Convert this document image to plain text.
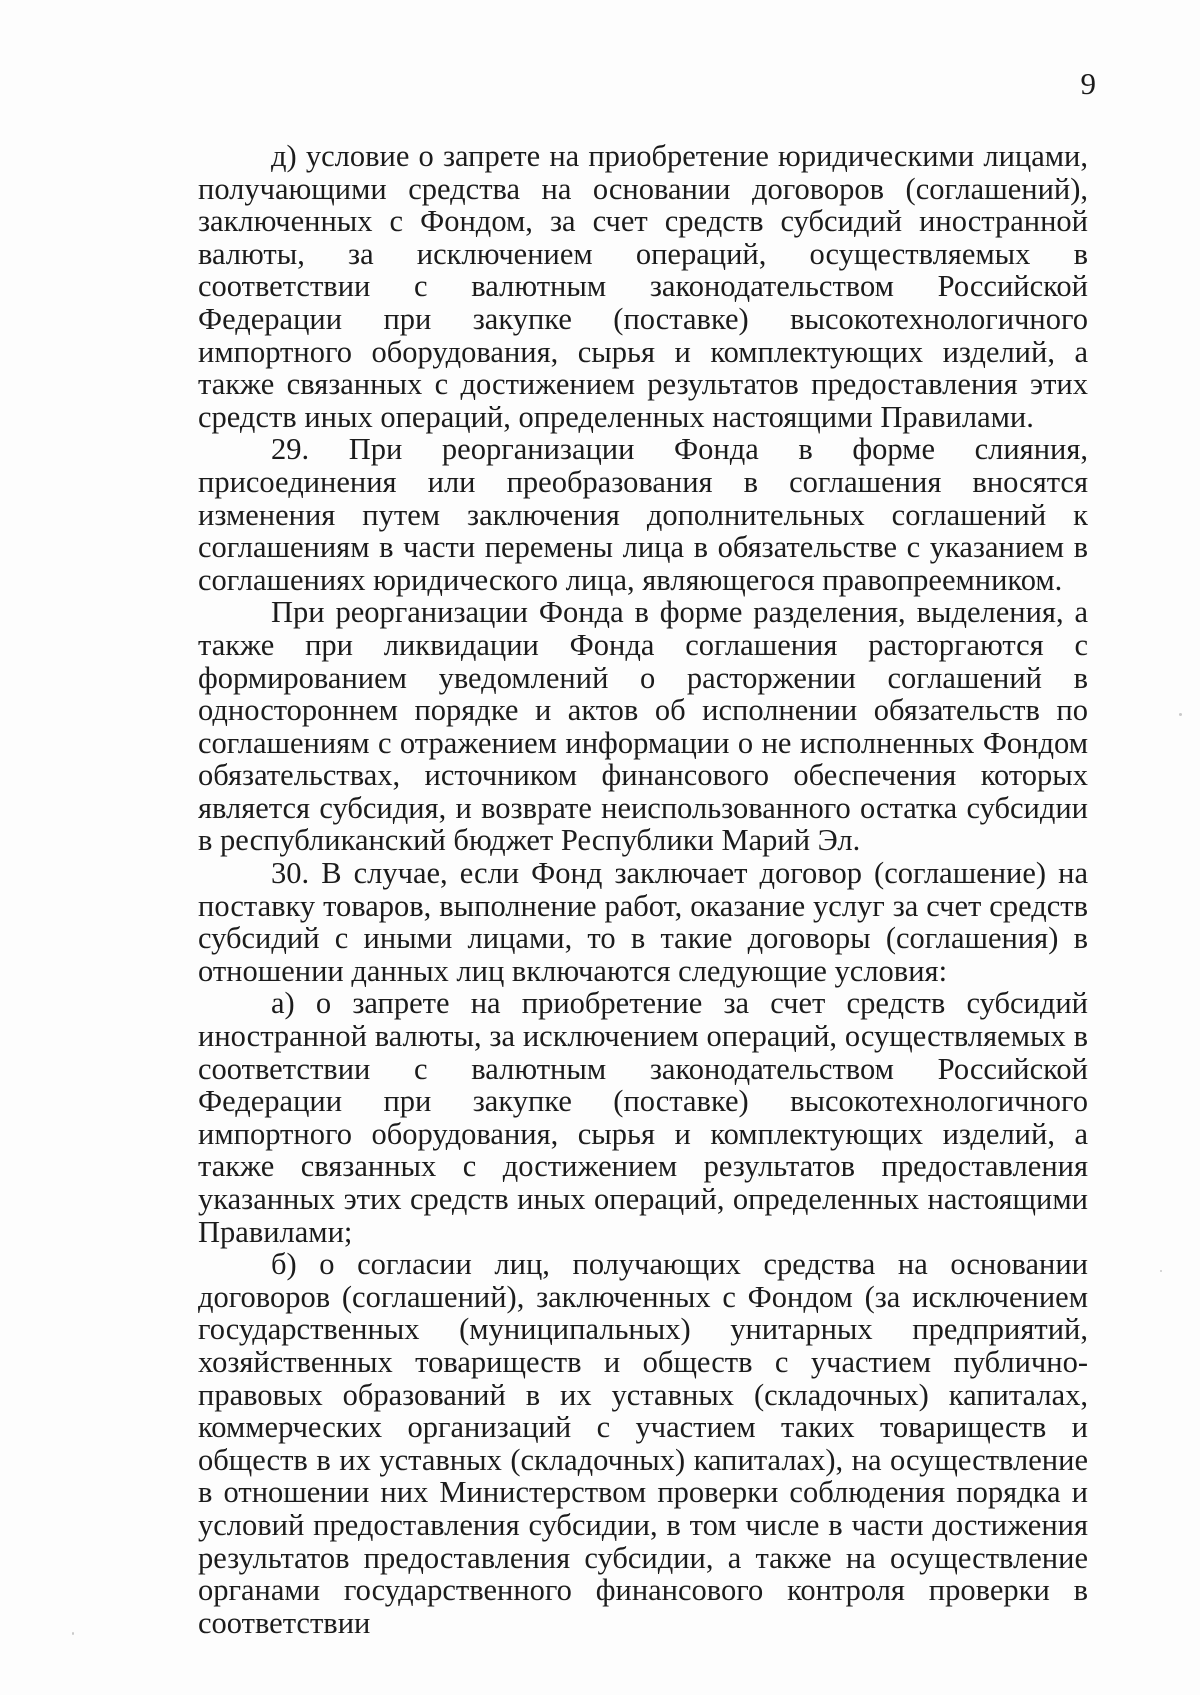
9

д) условие о запрете на приобретение юридическими лицами, получающими средства на основании договоров (соглашений), заключенных с Фондом, за счет средств субсидий иностранной валюты, за исключением операций, осуществляемых в соответствии с валютным законодательством Российской Федерации при закупке (поставке) высокотехнологичного импортного оборудования, сырья и комплектующих изделий, а также связанных с достижением результатов предоставления этих средств иных операций, определенных настоящими Правилами.

29. При реорганизации Фонда в форме слияния, присоединения или преобразования в соглашения вносятся изменения путем заключения дополнительных соглашений к соглашениям в части перемены лица в обязательстве с указанием в соглашениях юридического лица, являющегося правопреемником.

При реорганизации Фонда в форме разделения, выделения, а также при ликвидации Фонда соглашения расторгаются с формированием уведомлений о расторжении соглашений в одностороннем порядке и актов об исполнении обязательств по соглашениям с отражением информации о не исполненных Фондом обязательствах, источником финансового обеспечения которых является субсидия, и возврате неиспользованного остатка субсидии в республиканский бюджет Республики Марий Эл.

30. В случае, если Фонд заключает договор (соглашение) на поставку товаров, выполнение работ, оказание услуг за счет средств субсидий с иными лицами, то в такие договоры (соглашения) в отношении данных лиц включаются следующие условия:

а) о запрете на приобретение за счет средств субсидий иностранной валюты, за исключением операций, осуществляемых в соответствии с валютным законодательством Российской Федерации при закупке (поставке) высокотехнологичного импортного оборудования, сырья и комплектующих изделий, а также связанных с достижением результатов предоставления указанных этих средств иных операций, определенных настоящими Правилами;

б) о согласии лиц, получающих средства на основании договоров (соглашений), заключенных с Фондом (за исключением государственных (муниципальных) унитарных предприятий, хозяйственных товариществ и обществ с участием публично-правовых образований в их уставных (складочных) капиталах, коммерческих организаций с участием таких товариществ и обществ в их уставных (складочных) капиталах), на осуществление в отношении них Министерством проверки соблюдения порядка и условий предоставления субсидии, в том числе в части достижения результатов предоставления субсидии, а также на осуществление органами государственного финансового контроля проверки в соответствии
